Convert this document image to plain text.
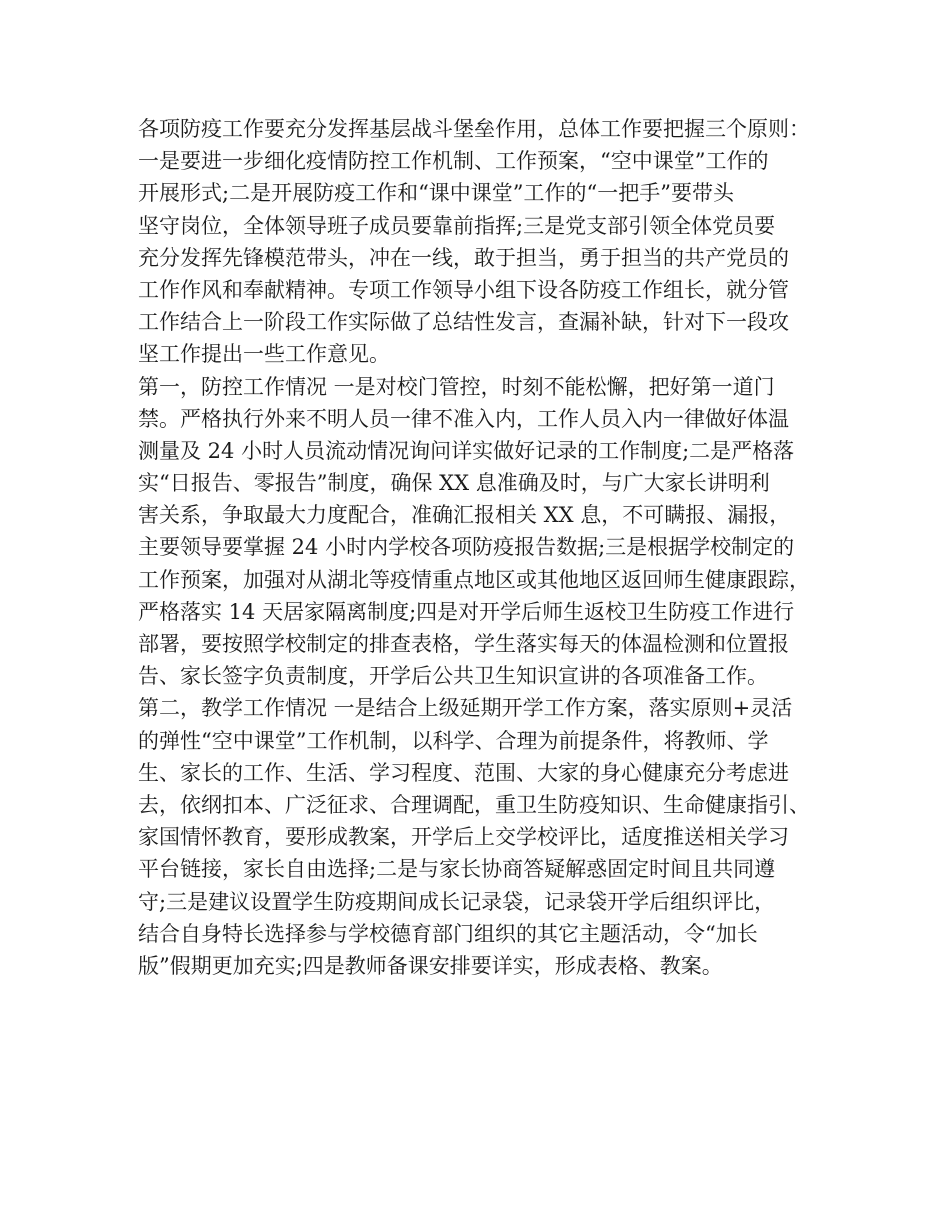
各项防疫工作要充分发挥基层战斗堡垒作用，总体工作要把握三个原则：
一是要进一步细化疫情防控工作机制、工作预案，“空中课堂”工作的
开展形式;二是开展防疫工作和“课中课堂”工作的“一把手”要带头
坚守岗位，全体领导班子成员要靠前指挥;三是党支部引领全体党员要
充分发挥先锋模范带头，冲在一线，敢于担当，勇于担当的共产党员的
工作作风和奉献精神。专项工作领导小组下设各防疫工作组长，就分管
工作结合上一阶段工作实际做了总结性发言，查漏补缺，针对下一段攻
坚工作提出一些工作意见。
第一，防控工作情况 一是对校门管控，时刻不能松懈，把好第一道门
禁。严格执行外来不明人员一律不准入内，工作人员入内一律做好体温
测量及 24 小时人员流动情况询问详实做好记录的工作制度;二是严格落
实“日报告、零报告”制度，确保 XX 息准确及时，与广大家长讲明利
害关系，争取最大力度配合，准确汇报相关 XX 息，不可瞒报、漏报，
主要领导要掌握 24 小时内学校各项防疫报告数据;三是根据学校制定的
工作预案，加强对从湖北等疫情重点地区或其他地区返回师生健康跟踪，
严格落实 14 天居家隔离制度;四是对开学后师生返校卫生防疫工作进行
部署，要按照学校制定的排查表格，学生落实每天的体温检测和位置报
告、家长签字负责制度，开学后公共卫生知识宣讲的各项准备工作。
第二，教学工作情况 一是结合上级延期开学工作方案，落实原则+灵活
的弹性“空中课堂”工作机制，以科学、合理为前提条件，将教师、学
生、家长的工作、生活、学习程度、范围、大家的身心健康充分考虑进
去，依纲扣本、广泛征求、合理调配，重卫生防疫知识、生命健康指引、
家国情怀教育，要形成教案，开学后上交学校评比，适度推送相关学习
平台链接，家长自由选择;二是与家长协商答疑解惑固定时间且共同遵
守;三是建议设置学生防疫期间成长记录袋，记录袋开学后组织评比，
结合自身特长选择参与学校德育部门组织的其它主题活动，令“加长
版”假期更加充实;四是教师备课安排要详实，形成表格、教案。
